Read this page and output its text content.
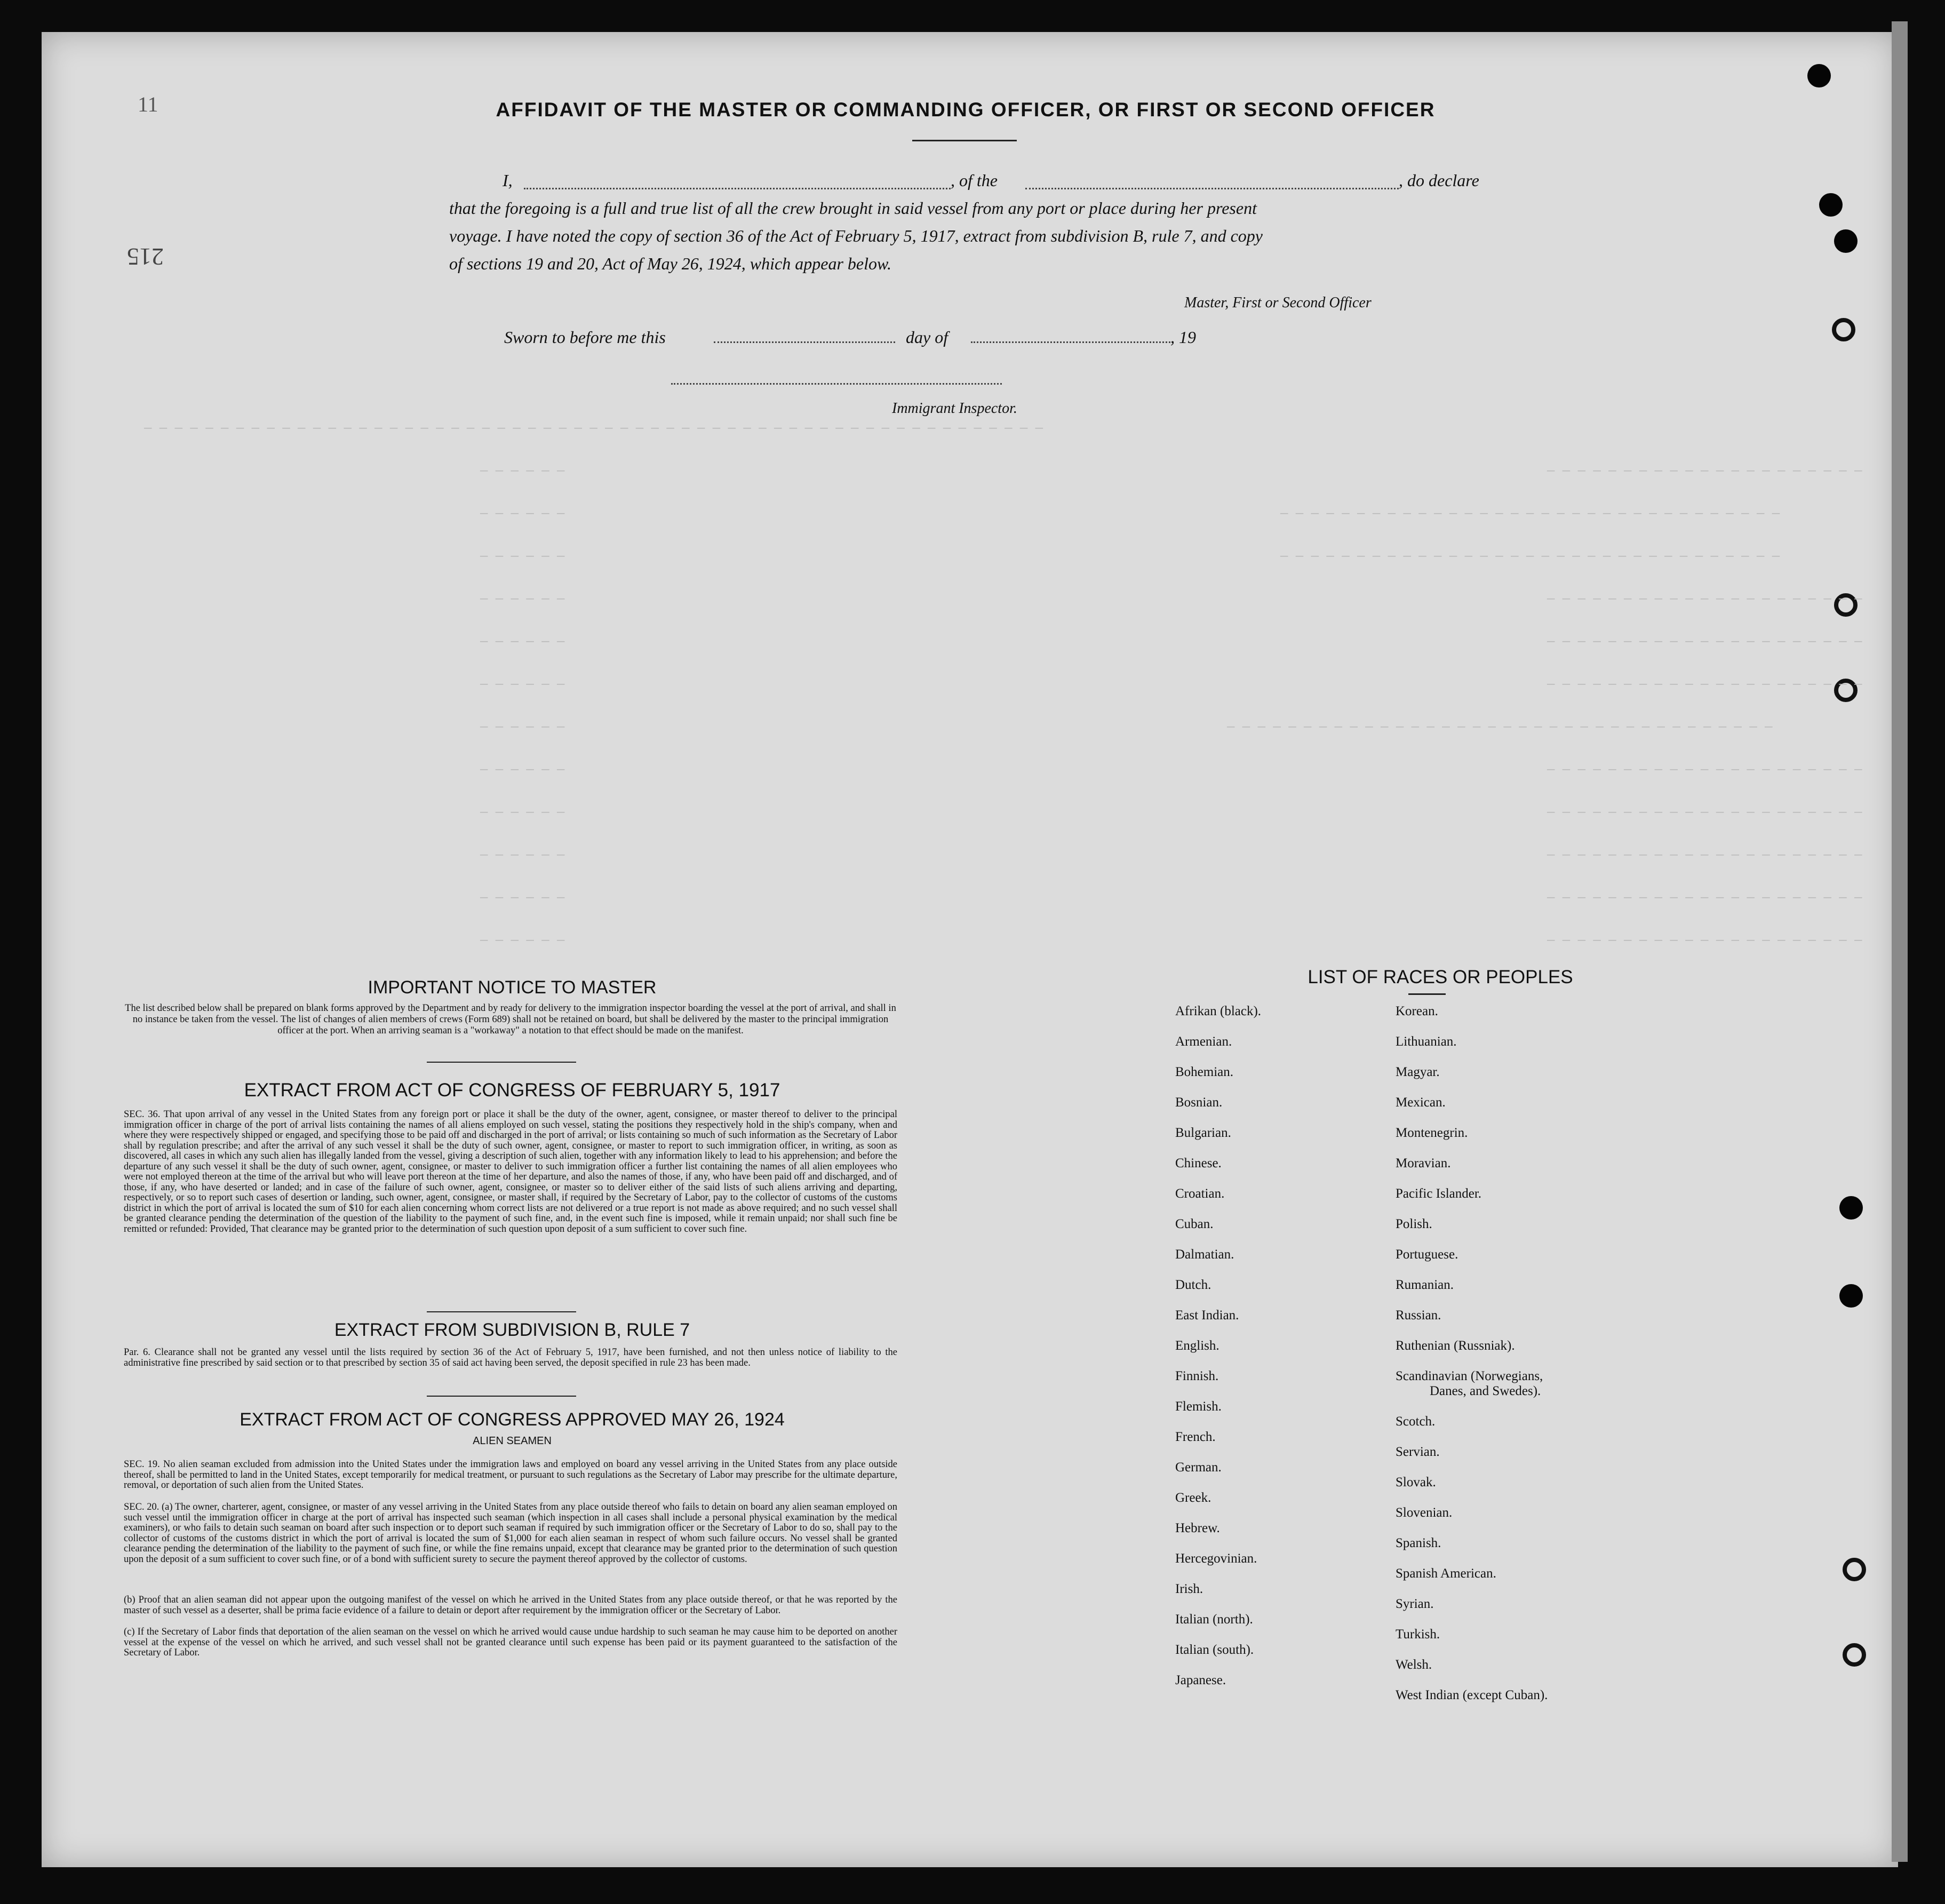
— — — — — — — — — — — — — — — — — — — — — — — — — — — — — — — — — — — — — — — — — — — — — — — — — — — — — — — — — — —
— — — — — —	— — — — — — — — — — — — — — — — — — — — —
— — — — — —	— — — — — — — — — — — — — — — — — — — — — — — — — — — — — — — — —
— — — — — —	— — — — — — — — — — — — — — — — — — — — — — — — — — — — — — — — —
— — — — — —	— — — — — — — — — — — — — — — — — — — — —
— — — — — —	— — — — — — — — — — — — — — — — — — — — —
— — — — — —	— — — — — — — — — — — — — — — — — — — — —
— — — — — —	— — — — — — — — — — — — — — — — — — — — — — — — — — — — — — — — — — — —
— — — — — —	— — — — — — — — — — — — — — — — — — — — —
— — — — — —	— — — — — — — — — — — — — — — — — — — — —
— — — — — —	— — — — — — — — — — — — — — — — — — — — —
— — — — — —	— — — — — — — — — — — — — — — — — — — — —
— — — — — —	— — — — — — — — — — — — — — — — — — — — —
11
215
AFFIDAVIT OF THE MASTER OR COMMANDING OFFICER, OR FIRST OR SECOND OFFICER
I,	, of the	, do declare
that the foregoing is a full and true list of all the crew brought in said vessel from any port or place during her present
voyage. I have noted the copy of section 36 of the Act of February 5, 1917, extract from subdivision B, rule 7, and copy
of sections 19 and 20, Act of May 26, 1924, which appear below.
Master, First or Second Officer
Sworn to before me this	day of	, 19
Immigrant Inspector.
IMPORTANT NOTICE TO MASTER
The list described below shall be prepared on blank forms approved by the Department and by ready for delivery to the immigration inspector boarding the vessel at the port of arrival, and shall in no instance be taken from the vessel. The list of changes of alien members of crews (Form 689) shall not be retained on board, but shall be delivered by the master to the principal immigration officer at the port. When an arriving seaman is a "workaway" a notation to that effect should be made on the manifest.
EXTRACT FROM ACT OF CONGRESS OF FEBRUARY 5, 1917
SEC. 36. That upon arrival of any vessel in the United States from any foreign port or place it shall be the duty of the owner, agent, consignee, or master thereof to deliver to the principal immigration officer in charge of the port of arrival lists containing the names of all aliens employed on such vessel, stating the positions they respectively hold in the ship's company, when and where they were respectively shipped or engaged, and specifying those to be paid off and discharged in the port of arrival; or lists containing so much of such information as the Secretary of Labor shall by regulation prescribe; and after the arrival of any such vessel it shall be the duty of such owner, agent, consignee, or master to report to such immigration officer, in writing, as soon as discovered, all cases in which any such alien has illegally landed from the vessel, giving a description of such alien, together with any information likely to lead to his apprehension; and before the departure of any such vessel it shall be the duty of such owner, agent, consignee, or master to deliver to such immigration officer a further list containing the names of all alien employees who were not employed thereon at the time of the arrival but who will leave port thereon at the time of her departure, and also the names of those, if any, who have been paid off and discharged, and of those, if any, who have deserted or landed; and in case of the failure of such owner, agent, consignee, or master so to deliver either of the said lists of such aliens arriving and departing, respectively, or so to report such cases of desertion or landing, such owner, agent, consignee, or master shall, if required by the Secretary of Labor, pay to the collector of customs of the customs district in which the port of arrival is located the sum of $10 for each alien concerning whom correct lists are not delivered or a true report is not made as above required; and no such vessel shall be granted clearance pending the determination of the question of the liability to the payment of such fine, and, in the event such fine is imposed, while it remain unpaid; nor shall such fine be remitted or refunded: Provided, That clearance may be granted prior to the determination of such question upon deposit of a sum sufficient to cover such fine.
EXTRACT FROM SUBDIVISION B, RULE 7
Par. 6. Clearance shall not be granted any vessel until the lists required by section 36 of the Act of February 5, 1917, have been furnished, and not then unless notice of liability to the administrative fine prescribed by said section or to that prescribed by section 35 of said act having been served, the deposit specified in rule 23 has been made.
EXTRACT FROM ACT OF CONGRESS APPROVED MAY 26, 1924
ALIEN SEAMEN
SEC. 19. No alien seaman excluded from admission into the United States under the immigration laws and employed on board any vessel arriving in the United States from any place outside thereof, shall be permitted to land in the United States, except temporarily for medical treatment, or pursuant to such regulations as the Secretary of Labor may prescribe for the ultimate departure, removal, or deportation of such alien from the United States.
SEC. 20. (a) The owner, charterer, agent, consignee, or master of any vessel arriving in the United States from any place outside thereof who fails to detain on board any alien seaman employed on such vessel until the immigration officer in charge at the port of arrival has inspected such seaman (which inspection in all cases shall include a personal physical examination by the medical examiners), or who fails to detain such seaman on board after such inspection or to deport such seaman if required by such immigration officer or the Secretary of Labor to do so, shall pay to the collector of customs of the customs district in which the port of arrival is located the sum of $1,000 for each alien seaman in respect of whom such failure occurs. No vessel shall be granted clearance pending the determination of the liability to the payment of such fine, or while the fine remains unpaid, except that clearance may be granted prior to the determination of such question upon the deposit of a sum sufficient to cover such fine, or of a bond with sufficient surety to secure the payment thereof approved by the collector of customs.
(b) Proof that an alien seaman did not appear upon the outgoing manifest of the vessel on which he arrived in the United States from any place outside thereof, or that he was reported by the master of such vessel as a deserter, shall be prima facie evidence of a failure to detain or deport after requirement by the immigration officer or the Secretary of Labor.
(c) If the Secretary of Labor finds that deportation of the alien seaman on the vessel on which he arrived would cause undue hardship to such seaman he may cause him to be deported on another vessel at the expense of the vessel on which he arrived, and such vessel shall not be granted clearance until such expense has been paid or its payment guaranteed to the satisfaction of the Secretary of Labor.
LIST OF RACES OR PEOPLES
Afrikan (black).
Armenian.
Bohemian.
Bosnian.
Bulgarian.
Chinese.
Croatian.
Cuban.
Dalmatian.
Dutch.
East Indian.
English.
Finnish.
Flemish.
French.
German.
Greek.
Hebrew.
Hercegovinian.
Irish.
Italian (north).
Italian (south).
Japanese.
Korean.
Lithuanian.
Magyar.
Mexican.
Montenegrin.
Moravian.
Pacific Islander.
Polish.
Portuguese.
Rumanian.
Russian.
Ruthenian (Russniak).
Scandinavian (Norwegians,
Danes, and Swedes).
Scotch.
Servian.
Slovak.
Slovenian.
Spanish.
Spanish American.
Syrian.
Turkish.
Welsh.
West Indian (except Cuban).
